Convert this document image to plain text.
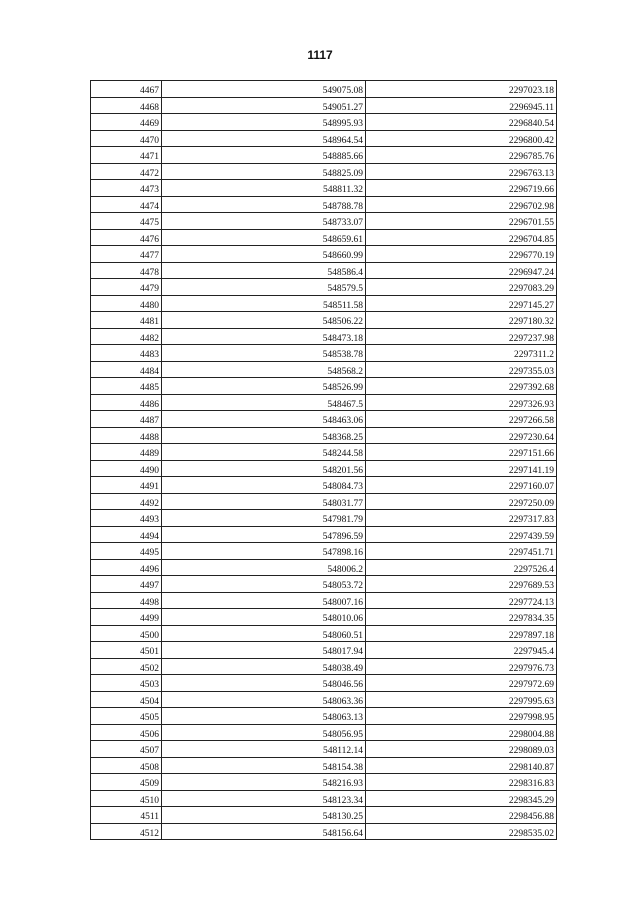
1117
4467	549075.08	2297023.18
4468	549051.27	2296945.11
4469	548995.93	2296840.54
4470	548964.54	2296800.42
4471	548885.66	2296785.76
4472	548825.09	2296763.13
4473	548811.32	2296719.66
4474	548788.78	2296702.98
4475	548733.07	2296701.55
4476	548659.61	2296704.85
4477	548660.99	2296770.19
4478	548586.4	2296947.24
4479	548579.5	2297083.29
4480	548511.58	2297145.27
4481	548506.22	2297180.32
4482	548473.18	2297237.98
4483	548538.78	2297311.2
4484	548568.2	2297355.03
4485	548526.99	2297392.68
4486	548467.5	2297326.93
4487	548463.06	2297266.58
4488	548368.25	2297230.64
4489	548244.58	2297151.66
4490	548201.56	2297141.19
4491	548084.73	2297160.07
4492	548031.77	2297250.09
4493	547981.79	2297317.83
4494	547896.59	2297439.59
4495	547898.16	2297451.71
4496	548006.2	2297526.4
4497	548053.72	2297689.53
4498	548007.16	2297724.13
4499	548010.06	2297834.35
4500	548060.51	2297897.18
4501	548017.94	2297945.4
4502	548038.49	2297976.73
4503	548046.56	2297972.69
4504	548063.36	2297995.63
4505	548063.13	2297998.95
4506	548056.95	2298004.88
4507	548112.14	2298089.03
4508	548154.38	2298140.87
4509	548216.93	2298316.83
4510	548123.34	2298345.29
4511	548130.25	2298456.88
4512	548156.64	2298535.02
